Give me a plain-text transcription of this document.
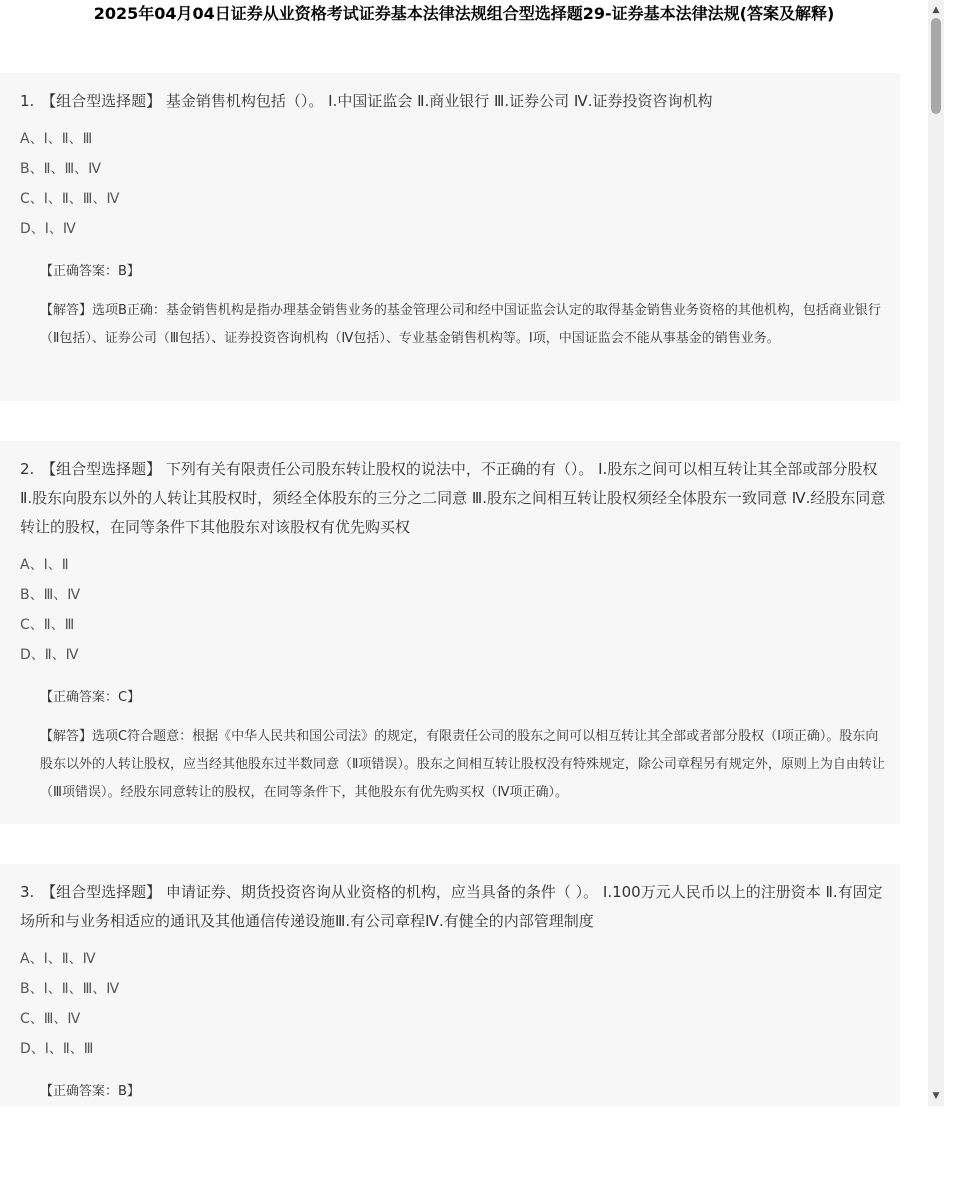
2025年04月04日证券从业资格考试证券基本法律法规组合型选择题29-证券基本法律法规(答案及解释)

1. 【组合型选择题】 基金销售机构包括（）。 Ⅰ.中国证监会 Ⅱ.商业银行 Ⅲ.证券公司 Ⅳ.证券投资咨询机构

A、Ⅰ、Ⅱ、Ⅲ
B、Ⅱ、Ⅲ、Ⅳ
C、Ⅰ、Ⅱ、Ⅲ、Ⅳ
D、Ⅰ、Ⅳ

【正确答案：B】

【解答】选项B正确：基金销售机构是指办理基金销售业务的基金管理公司和经中国证监会认定的取得基金销售业务资格的其他机构，包括商业银行（Ⅱ包括）、证券公司（Ⅲ包括）、证券投资咨询机构（Ⅳ包括）、专业基金销售机构等。Ⅰ项，中国证监会不能从事基金的销售业务。

2. 【组合型选择题】 下列有关有限责任公司股东转让股权的说法中，不正确的有（）。 Ⅰ.股东之间可以相互转让其全部或部分股权 Ⅱ.股东向股东以外的人转让其股权时，须经全体股东的三分之二同意 Ⅲ.股东之间相互转让股权须经全体股东一致同意 Ⅳ.经股东同意转让的股权，在同等条件下其他股东对该股权有优先购买权

A、Ⅰ、Ⅱ
B、Ⅲ、Ⅳ
C、Ⅱ、Ⅲ
D、Ⅱ、Ⅳ

【正确答案：C】

【解答】选项C符合题意：根据《中华人民共和国公司法》的规定，有限责任公司的股东之间可以相互转让其全部或者部分股权（Ⅰ项正确）。股东向股东以外的人转让股权，应当经其他股东过半数同意（Ⅱ项错误）。股东之间相互转让股权没有特殊规定，除公司章程另有规定外，原则上为自由转让（Ⅲ项错误）。经股东同意转让的股权，在同等条件下，其他股东有优先购买权（Ⅳ项正确）。

3. 【组合型选择题】 申请证券、期货投资咨询从业资格的机构，应当具备的条件（ ）。 Ⅰ.100万元人民币以上的注册资本 Ⅱ.有固定场所和与业务相适应的通讯及其他通信传递设施Ⅲ.有公司章程Ⅳ.有健全的内部管理制度

A、Ⅰ、Ⅱ、Ⅳ
B、Ⅰ、Ⅱ、Ⅲ、Ⅳ
C、Ⅲ、Ⅳ
D、Ⅰ、Ⅱ、Ⅲ

【正确答案：B】

▲
▼
